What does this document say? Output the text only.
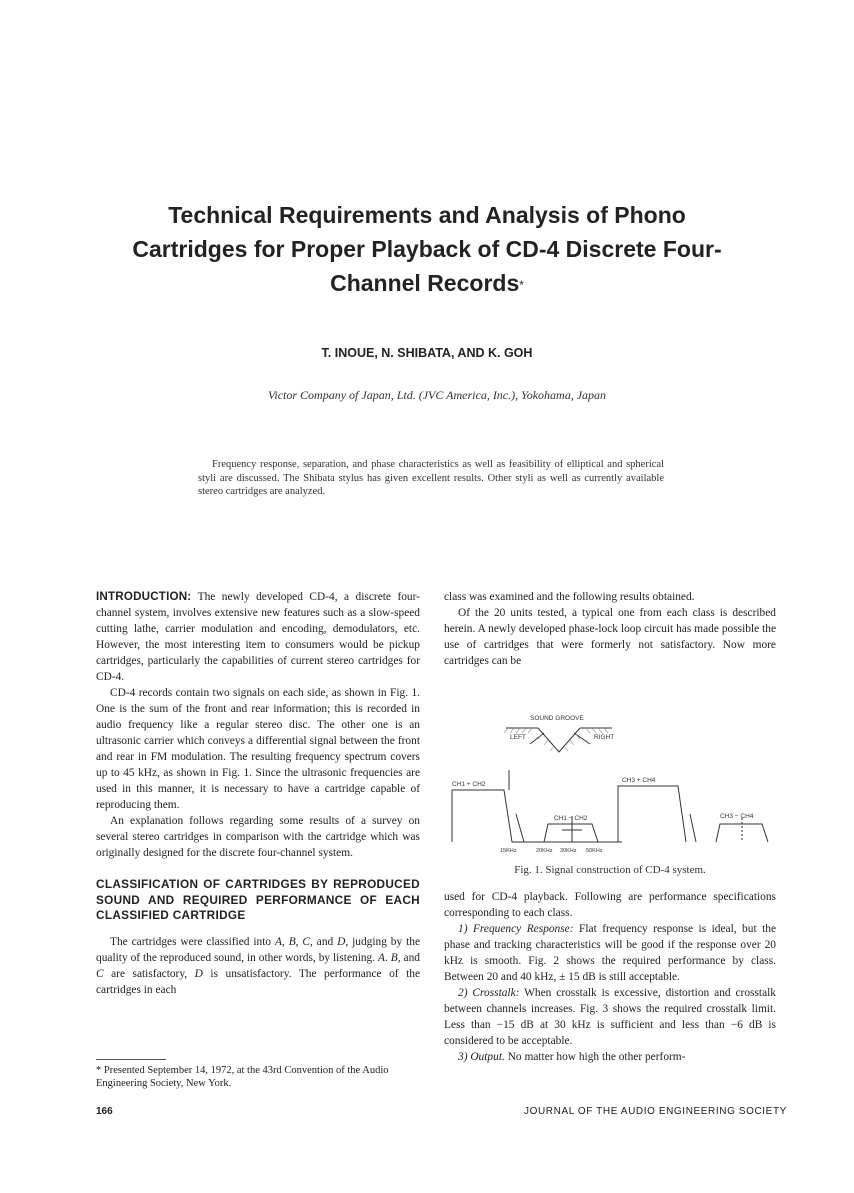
Technical Requirements and Analysis of Phono Cartridges for Proper Playback of CD-4 Discrete Four-Channel Records*
T. INOUE, N. SHIBATA, AND K. GOH
Victor Company of Japan, Ltd. (JVC America, Inc.), Yokohama, Japan

Frequency response, separation, and phase characteristics as well as feasibility of elliptical and spherical styli are discussed. The Shibata stylus has given excellent results. Other styli as well as currently available stereo cartridges are analyzed.

INTRODUCTION: The newly developed CD-4, a discrete four-channel system, involves extensive new features such as a slow-speed cutting lathe, carrier modulation and encoding, demodulators, etc. However, the most interesting item to consumers would be pickup cartridges, particularly the capabilities of current stereo cartridges for CD-4.

CD-4 records contain two signals on each side, as shown in Fig. 1. One is the sum of the front and rear information; this is recorded in audio frequency like a regular stereo disc. The other one is an ultrasonic carrier which conveys a differential signal between the front and rear in FM modulation. The resulting frequency spectrum covers up to 45 kHz, as shown in Fig. 1. Since the ultrasonic frequencies are used in this manner, it is necessary to have a cartridge capable of reproducing them.

An explanation follows regarding some results of a survey on several stereo cartridges in comparison with the cartridge which was originally designed for the discrete four-channel system.

CLASSIFICATION OF CARTRIDGES BY REPRODUCED SOUND AND REQUIRED PERFORMANCE OF EACH CLASSIFIED CARTRIDGE

The cartridges were classified into A, B, C, and D, judging by the quality of the reproduced sound, in other words, by listening. A. B, and C are satisfactory, D is unsatisfactory. The performance of the cartridges in each

* Presented September 14, 1972, at the 43rd Convention of the Audio Engineering Society, New York.

class was examined and the following results obtained.

Of the 20 units tested, a typical one from each class is described herein. A newly developed phase-lock loop circuit has made possible the use of cartridges that were formerly not satisfactory. Now more cartridges can be

SOUND GROOVE
LEFT	RIGHT
CH1 + CH2
CH1 − CH2
15KHz	20KHz 30KHz 50KHz
CH3 + CH4
CH3 − CH4
Fig. 1. Signal construction of CD-4 system.

used for CD-4 playback. Following are performance specifications corresponding to each class.

1) Frequency Response: Flat frequency response is ideal, but the phase and tracking characteristics will be good if the response over 20 kHz is smooth. Fig. 2 shows the required performance by class. Between 20 and 40 kHz, ± 15 dB is still acceptable.

2) Crosstalk: When crosstalk is excessive, distortion and crosstalk between channels increases. Fig. 3 shows the required crosstalk limit. Less than −15 dB at 30 kHz is sufficient and less than −6 dB is considered to be acceptable.

3) Output. No matter how high the other perform-

166	JOURNAL OF THE AUDIO ENGINEERING SOCIETY
